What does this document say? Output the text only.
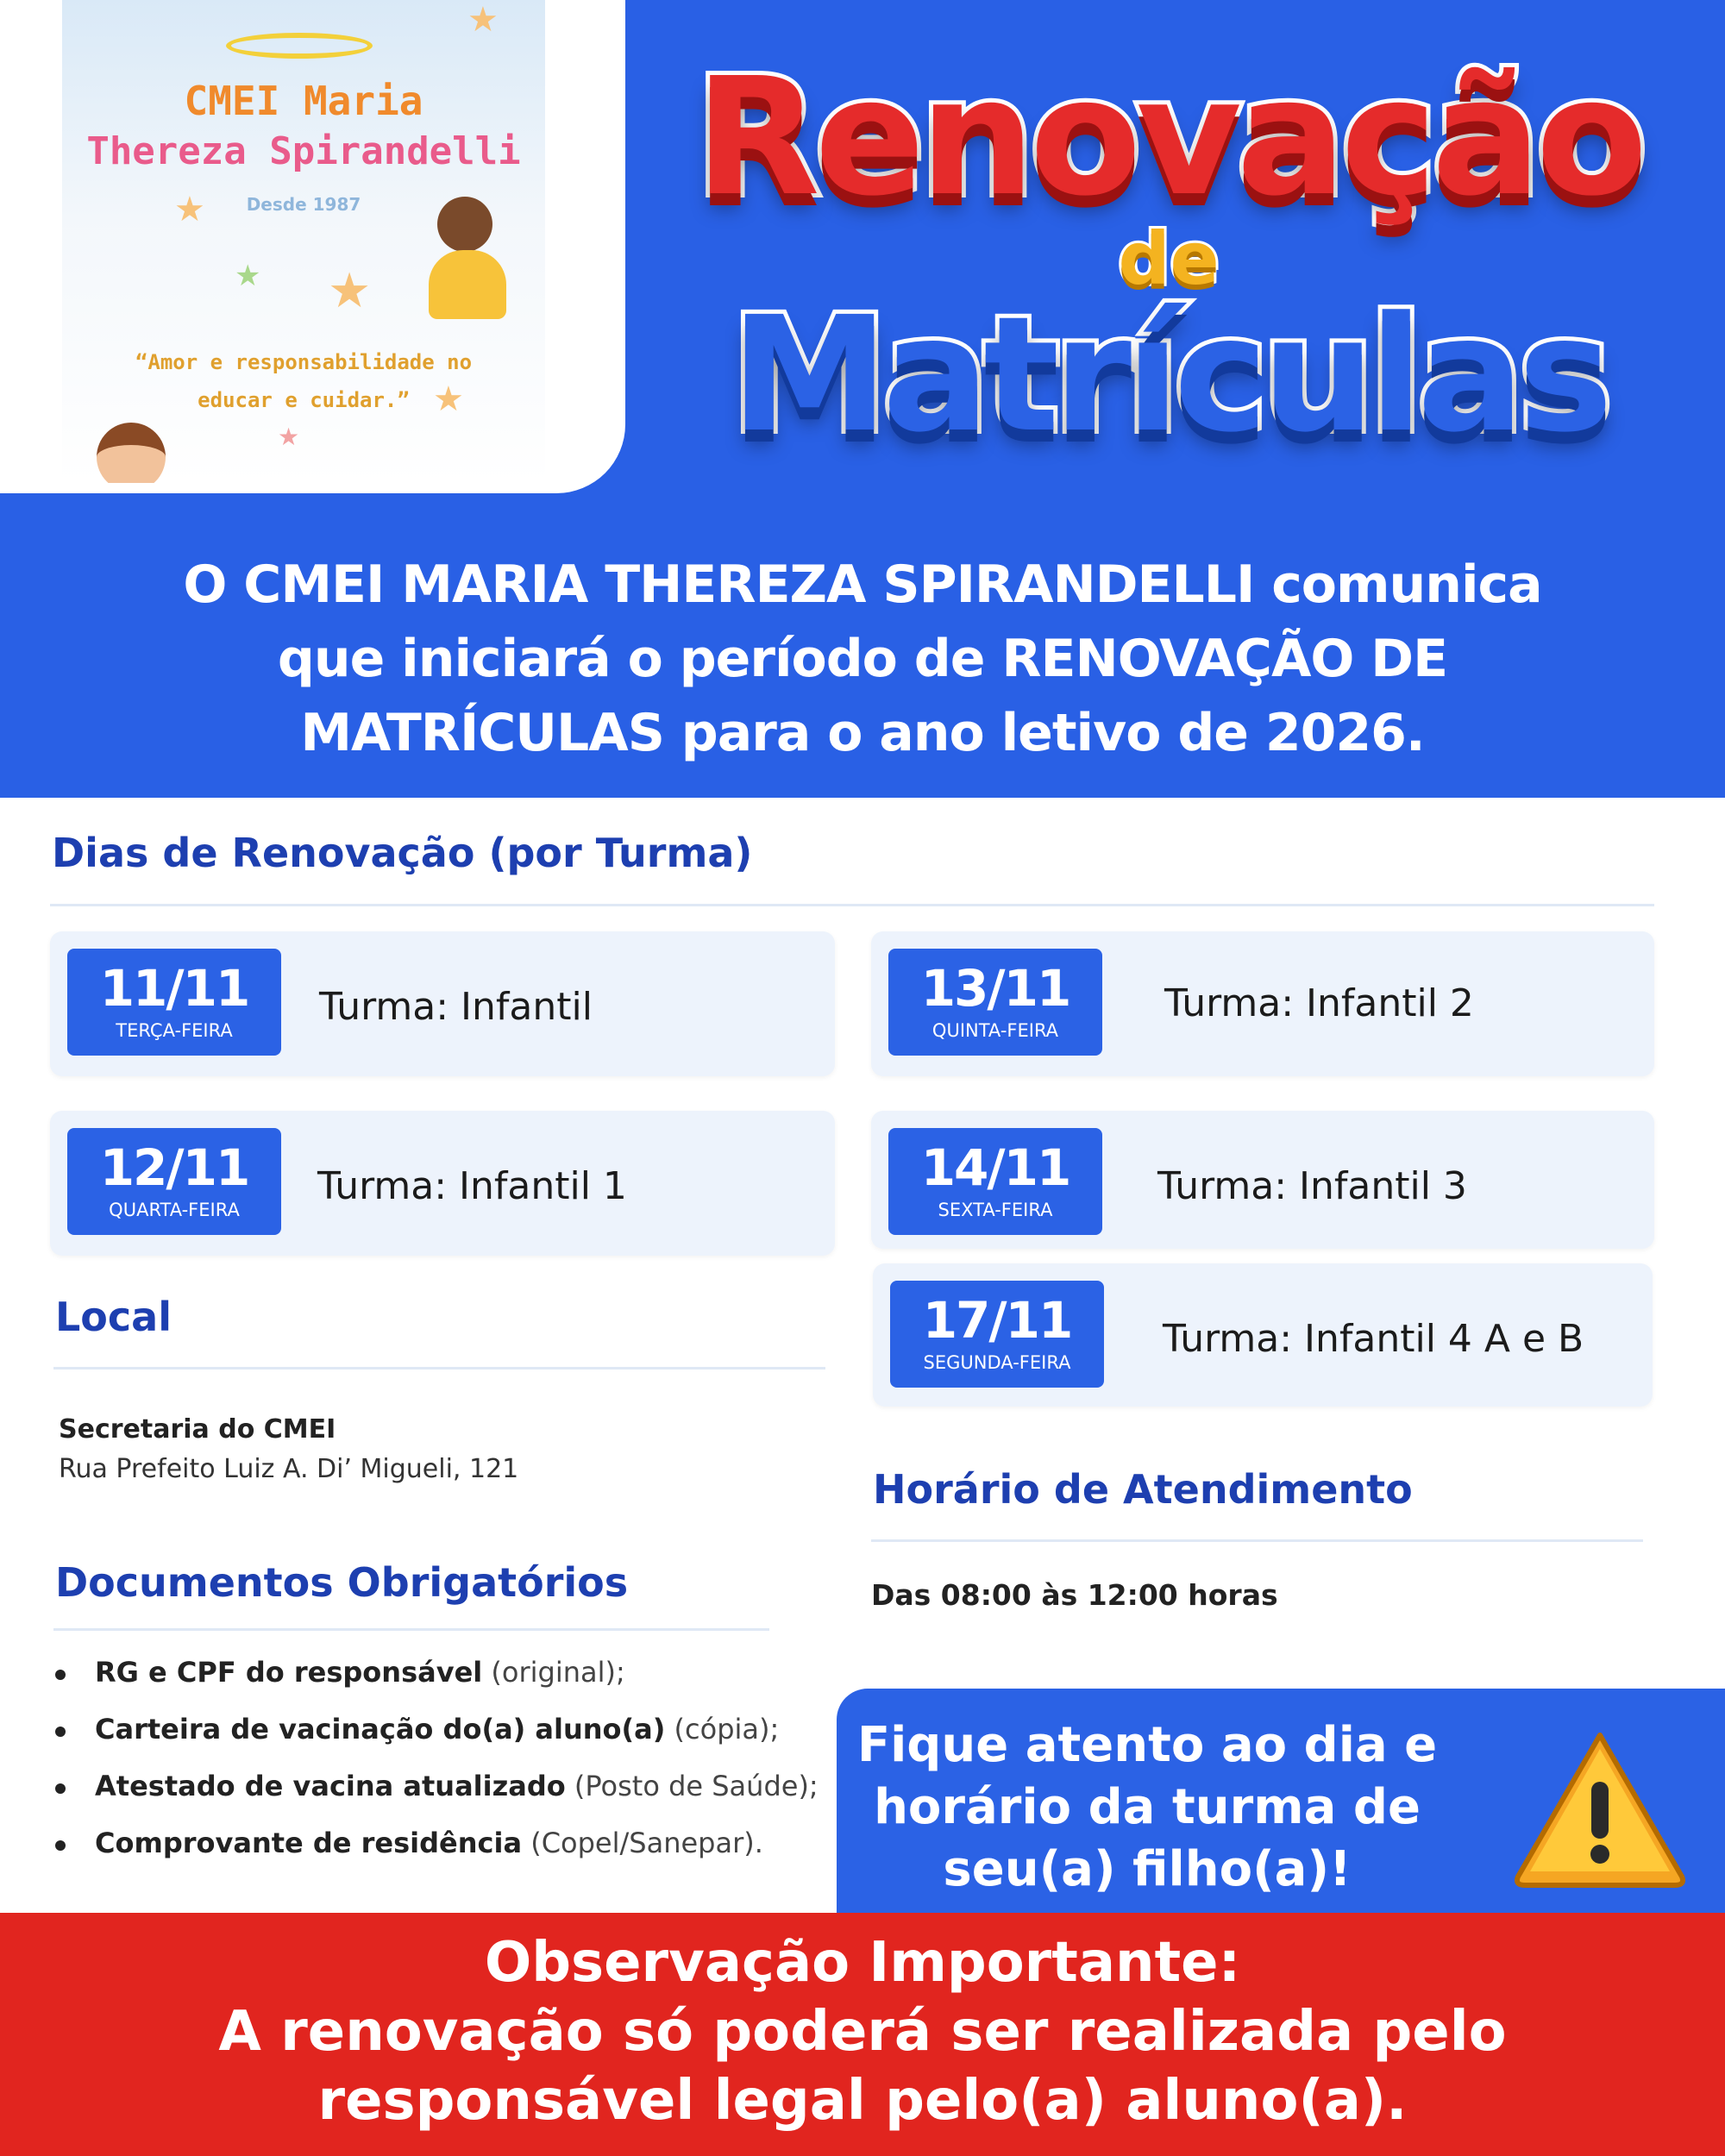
★
★
★ ★
★
★
CMEI Maria
Thereza Spirandelli
Desde 1987
“Amor e responsabilidade no
educar e cuidar.”
Renovação
de
Matrículas
O CMEI MARIA THEREZA SPIRANDELLI comunica
que iniciará o período de RENOVAÇÃO DE
MATRÍCULAS para o ano letivo de 2026.
Dias de Renovação (por Turma)
11/11
TERÇA-FEIRA
Turma: Infantil
12/11
QUARTA-FEIRA
Turma: Infantil 1
13/11
QUINTA-FEIRA
Turma: Infantil 2
14/11
SEXTA-FEIRA
Turma: Infantil 3
17/11
SEGUNDA-FEIRA
Turma: Infantil 4 A e B
Local
Secretaria do CMEI
Rua Prefeito Luiz A. Di’ Migueli, 121	Horário de Atendimento
Das 08:00 às 12:00 horas
Documentos Obrigatórios
RG e CPF do responsável (original);
Carteira de vacinação do(a) aluno(a) (cópia);
Atestado de vacina atualizado (Posto de Saúde);
Comprovante de residência (Copel/Sanepar).
Fique atento ao dia e
horário da turma de
seu(a) filho(a)!
Observação Importante:
A renovação só poderá ser realizada pelo
responsável legal pelo(a) aluno(a).
